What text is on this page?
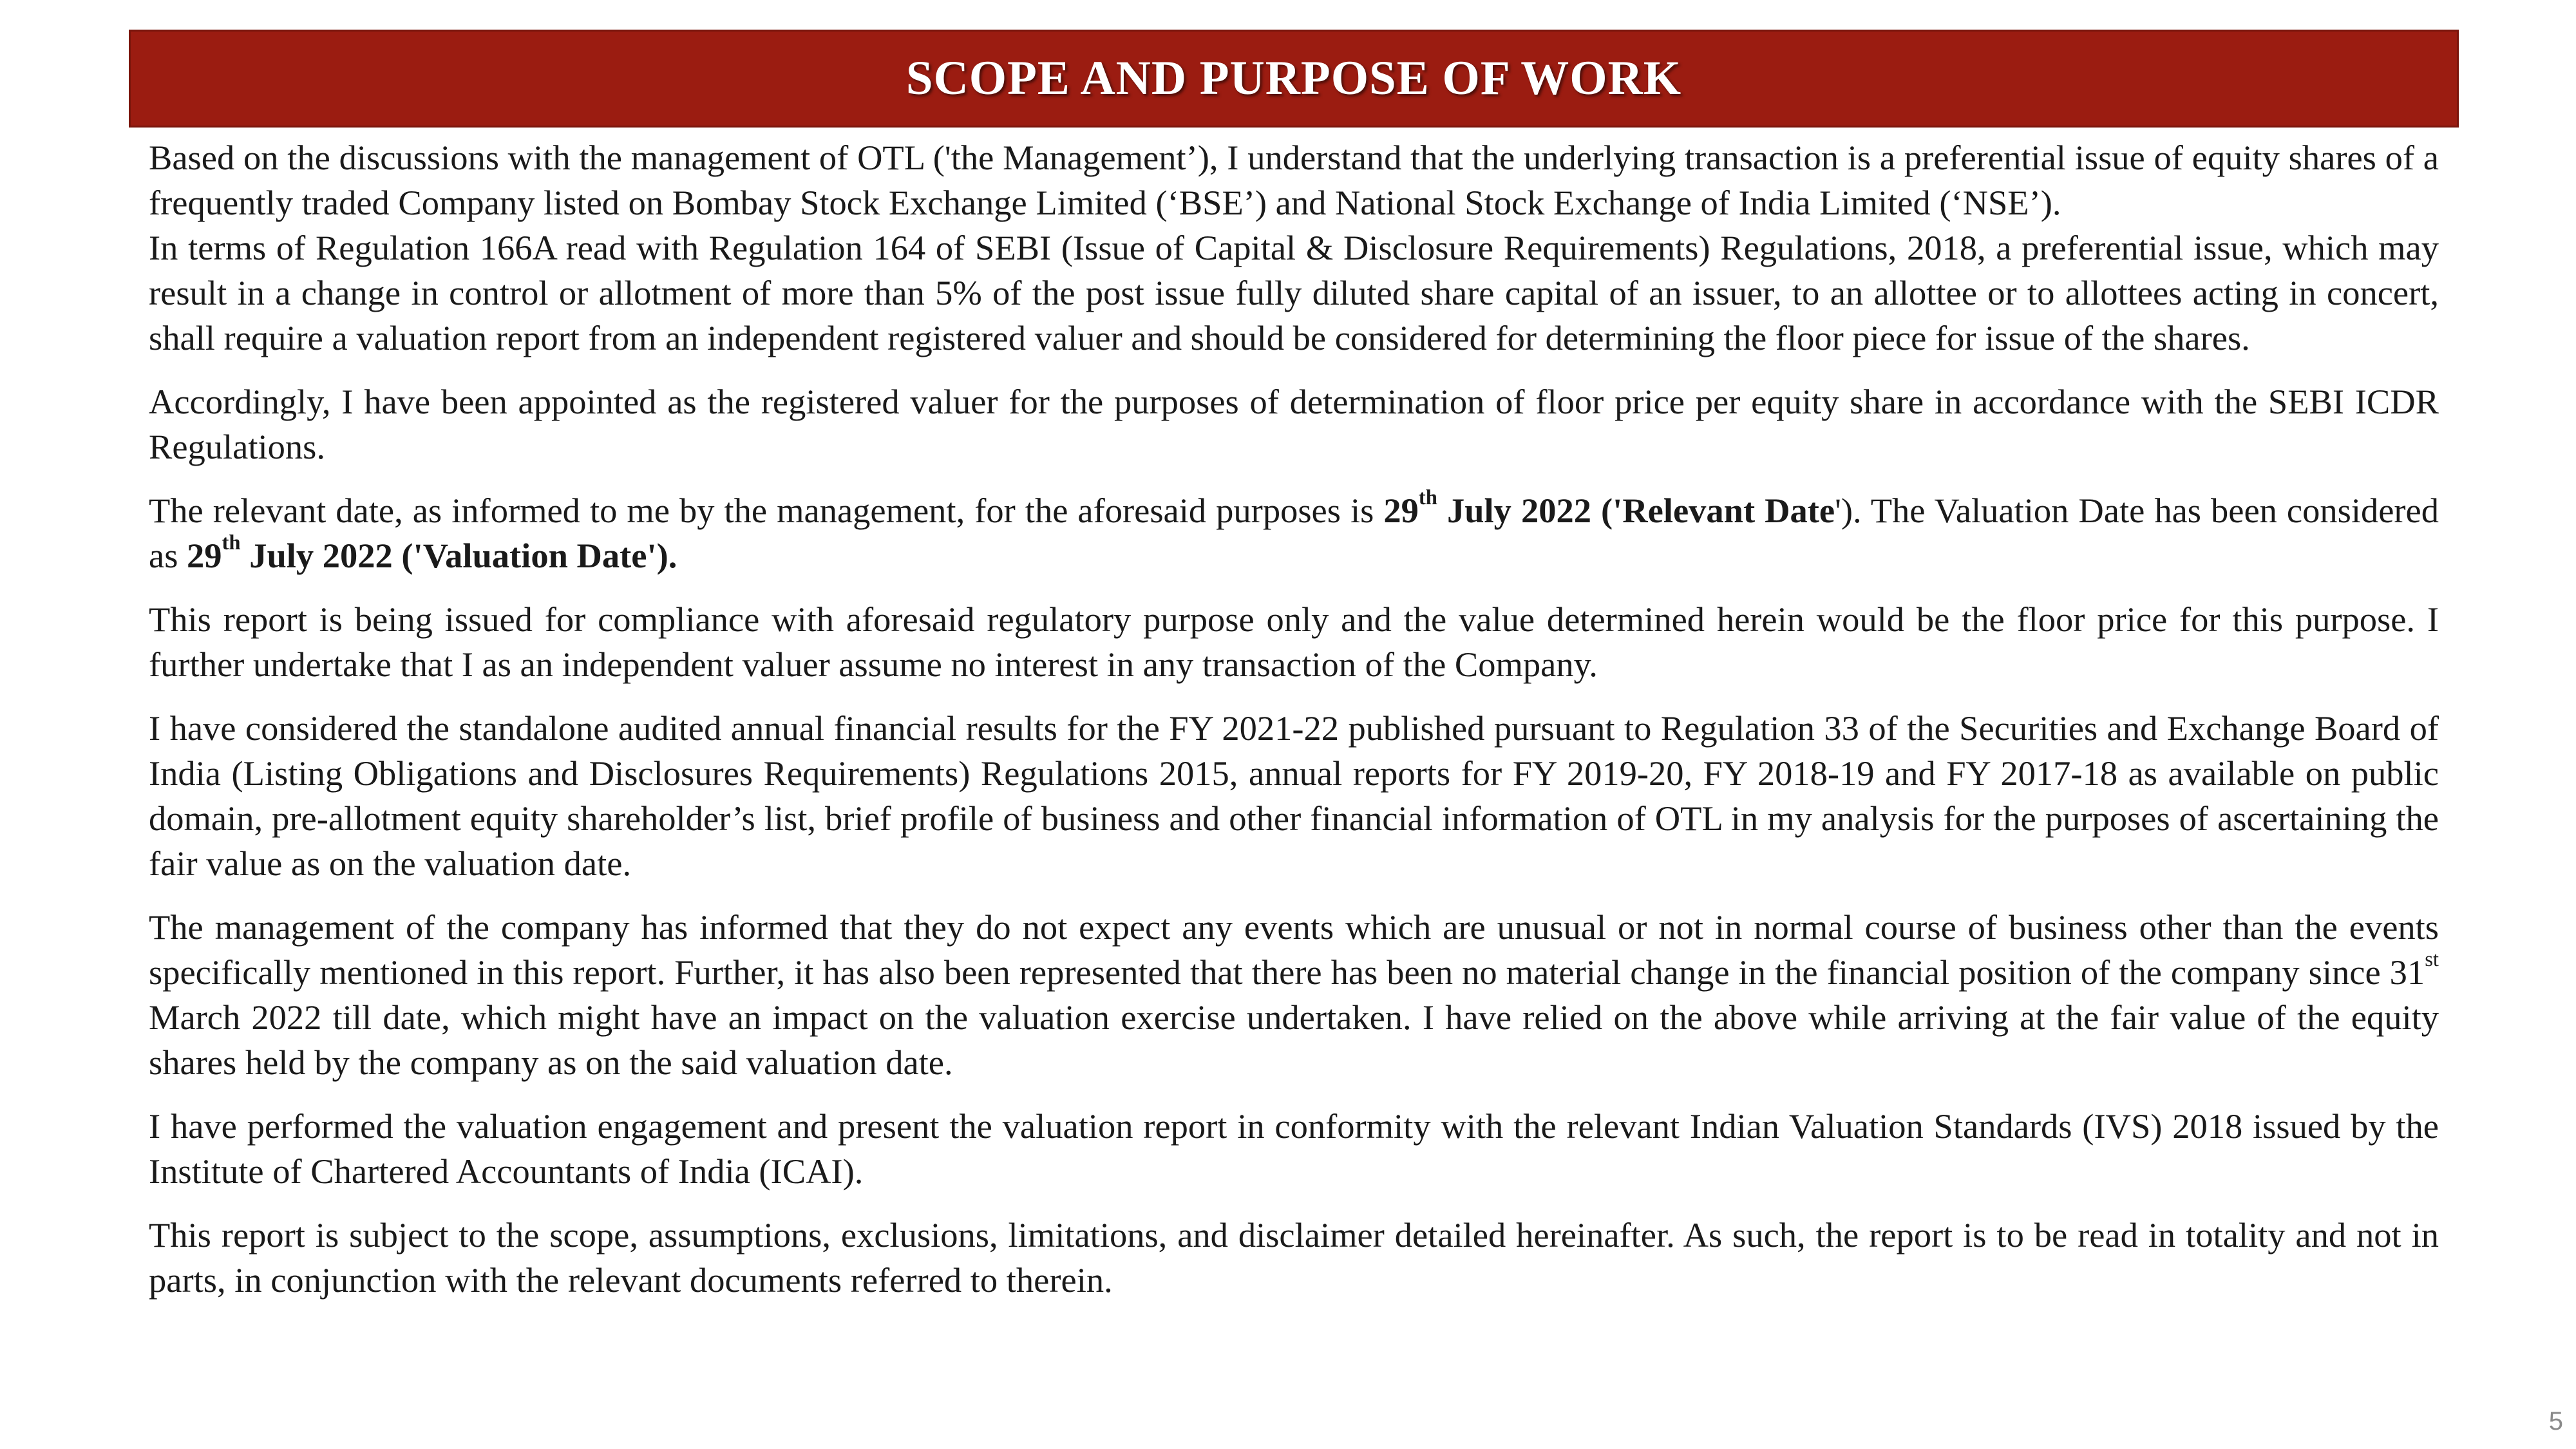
SCOPE AND PURPOSE OF WORK

Based on the discussions with the management of OTL ('the Management’), I understand that the underlying transaction is a preferential issue of equity shares of a frequently traded Company listed on Bombay Stock Exchange Limited (‘BSE’) and National Stock Exchange of India Limited (‘NSE’).

In terms of Regulation 166A read with Regulation 164 of SEBI (Issue of Capital & Disclosure Requirements) Regulations, 2018, a preferential issue, which may result in a change in control or allotment of more than 5% of the post issue fully diluted share capital of an issuer, to an allottee or to allottees acting in concert, shall require a valuation report from an independent registered valuer and should be considered for determining the floor piece for issue of the shares.

Accordingly, I have been appointed as the registered valuer for the purposes of determination of floor price per equity share in accordance with the SEBI ICDR Regulations.

The relevant date, as informed to me by the management, for the aforesaid purposes is 29th July 2022 ('Relevant Date'). The Valuation Date has been considered as 29th July 2022 ('Valuation Date').

This report is being issued for compliance with aforesaid regulatory purpose only and the value determined herein would be the floor price for this purpose. I further undertake that I as an independent valuer assume no interest in any transaction of the Company.

I have considered the standalone audited annual financial results for the FY 2021-22 published pursuant to Regulation 33 of the Securities and Exchange Board of India (Listing Obligations and Disclosures Requirements) Regulations 2015, annual reports for FY 2019-20, FY 2018-19 and FY 2017-18 as available on public domain, pre-allotment equity shareholder’s list, brief profile of business and other financial information of OTL in my analysis for the purposes of ascertaining the fair value as on the valuation date.

The management of the company has informed that they do not expect any events which are unusual or not in normal course of business other than the events specifically mentioned in this report. Further, it has also been represented that there has been no material change in the financial position of the company since 31st March 2022 till date, which might have an impact on the valuation exercise undertaken. I have relied on the above while arriving at the fair value of the equity shares held by the company as on the said valuation date.

I have performed the valuation engagement and present the valuation report in conformity with the relevant Indian Valuation Standards (IVS) 2018 issued by the Institute of Chartered Accountants of India (ICAI).

This report is subject to the scope, assumptions, exclusions, limitations, and disclaimer detailed hereinafter. As such, the report is to be read in totality and not in parts, in conjunction with the relevant documents referred to therein.

5
